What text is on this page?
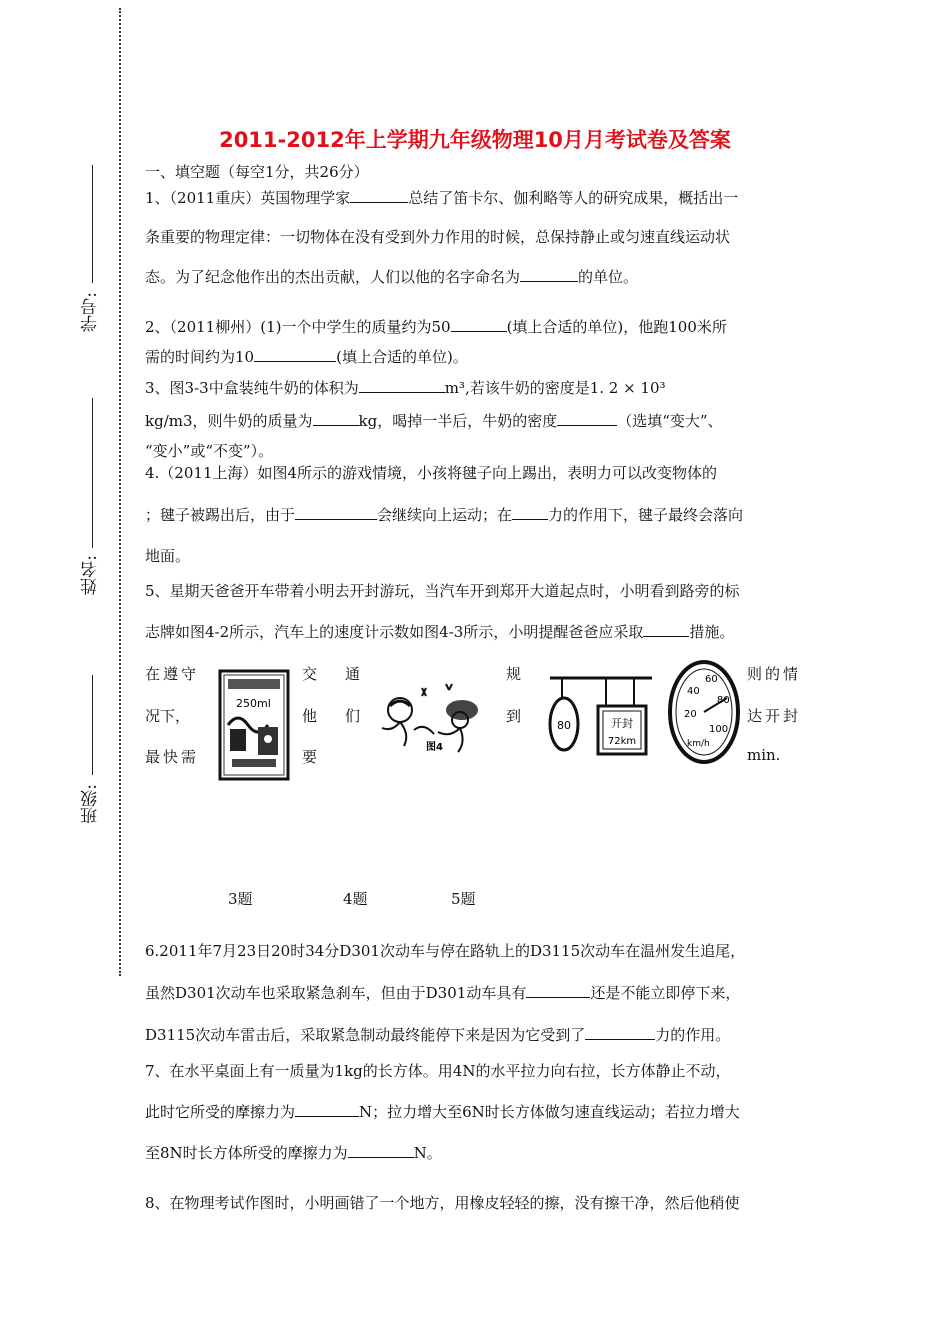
学号:
姓名:
班级:
2011-2012年上学期九年级物理10月月考试卷及答案
一、填空题（每空1分，共26分）
1、（2011重庆）英国物理学家	总结了笛卡尔、伽利略等人的研究成果，概括出一
条重要的物理定律：一切物体在没有受到外力作用的时候，总保持静止或匀速直线运动状
态。为了纪念他作出的杰出贡献，人们以他的名字命名为	的单位。
2、（2011柳州）(1)一个中学生的质量约为50	(填上合适的单位)，他跑100米所
需的时间约为10	(填上合适的单位)。
3、图3-3中盒装纯牛奶的体积为	m³,若该牛奶的密度是1. 2 × 10³
kg/m3，则牛奶的质量为	kg，喝掉一半后，牛奶的密度	（选填“变大”、
“变小”或“不变”）。
4.（2011上海）如图4所示的游戏情境，小孩将毽子向上踢出，表明力可以改变物体的
；毽子被踢出后，由于	会继续向上运动；在 力的作用下，毽子最终会落向
地面。
5、星期天爸爸开车带着小明去开封游玩，当汽车开到郑开大道起点时，小明看到路旁的标
志牌如图4-2所示，汽车上的速度计示数如图4-3所示，小明提醒爸爸应采取	措施。
在遵守	交 通	规	则的情
况下，	他 们	到	达开封
最快需	要	min.
250ml
图4
80	开封
72km
20
40
60
80
100
km/h
3题	4题	5题
6.2011年7月23日20时34分D301次动车与停在路轨上的D3115次动车在温州发生追尾，
虽然D301次动车也采取紧急刹车，但由于D301动车具有	还是不能立即停下来，
D3115次动车雷击后，采取紧急制动最终能停下来是因为它受到了	力的作用。
7、在水平桌面上有一质量为1kg的长方体。用4N的水平拉力向右拉，长方体静止不动，
此时它所受的摩擦力为	N；拉力增大至6N时长方体做匀速直线运动；若拉力增大
至8N时长方体所受的摩擦力为	N。
8、在物理考试作图时，小明画错了一个地方，用橡皮轻轻的擦，没有擦干净，然后他稍使
